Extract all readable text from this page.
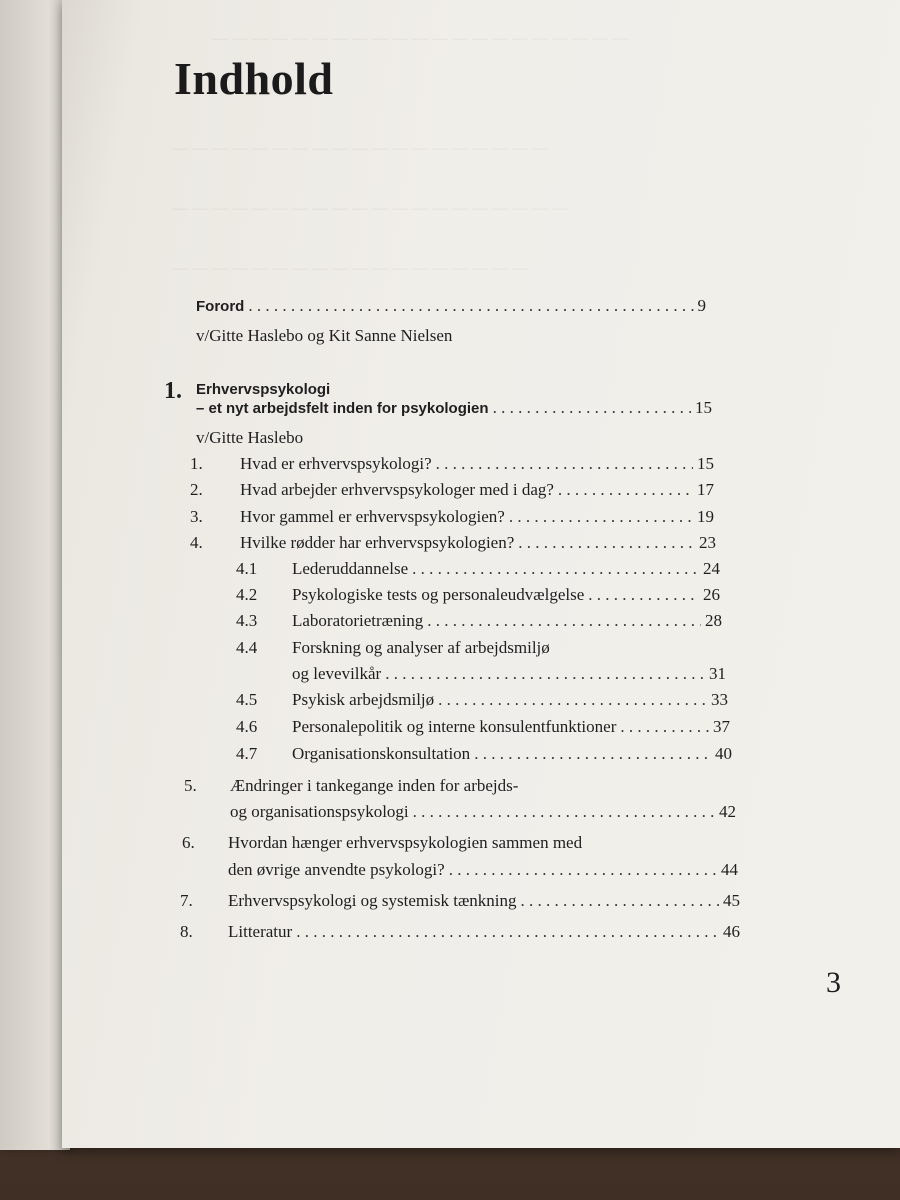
— — — — — — — — — — — — — — — — — — — — —
— — — — — — — — — — — — — — — — — — —
— — — — — — — — — — — — — — — — — — — —
— — — — — — — — — — — — — — — — — —
Indhold
Forord . . .	9
v/Gitte Haslebo og Kit Sanne Nielsen
1. Erhvervspsykologi
– et nyt arbejdsfelt inden for psykologien . . .	15
v/Gitte Haslebo
1.	Hvad er erhvervspsykologi? . . .	15
2.	Hvad arbejder erhvervspsykologer med i dag? . . .	17
3.	Hvor gammel er erhvervspsykologien? . . .	19
4.	Hvilke rødder har erhvervspsykologien? . . .	23
4.1	Lederuddannelse . . .	24
4.2	Psykologiske tests og personaleudvælgelse . . .	26
4.3	Laboratorietræning . . .	28
4.4	Forskning og analyser af arbejdsmiljø
og levevilkår . . .	31
4.5	Psykisk arbejdsmiljø . . .	33
4.6	Personalepolitik og interne konsulentfunktioner . . .	37
4.7	Organisationskonsultation . . .	40
5.	Ændringer i tankegange inden for arbejds-
og organisationspsykologi . . .	42
6.	Hvordan hænger erhvervspsykologien sammen med
den øvrige anvendte psykologi? . . .	44
7.	Erhvervspsykologi og systemisk tænkning . . .	45
8.	Litteratur . . .	46
3
